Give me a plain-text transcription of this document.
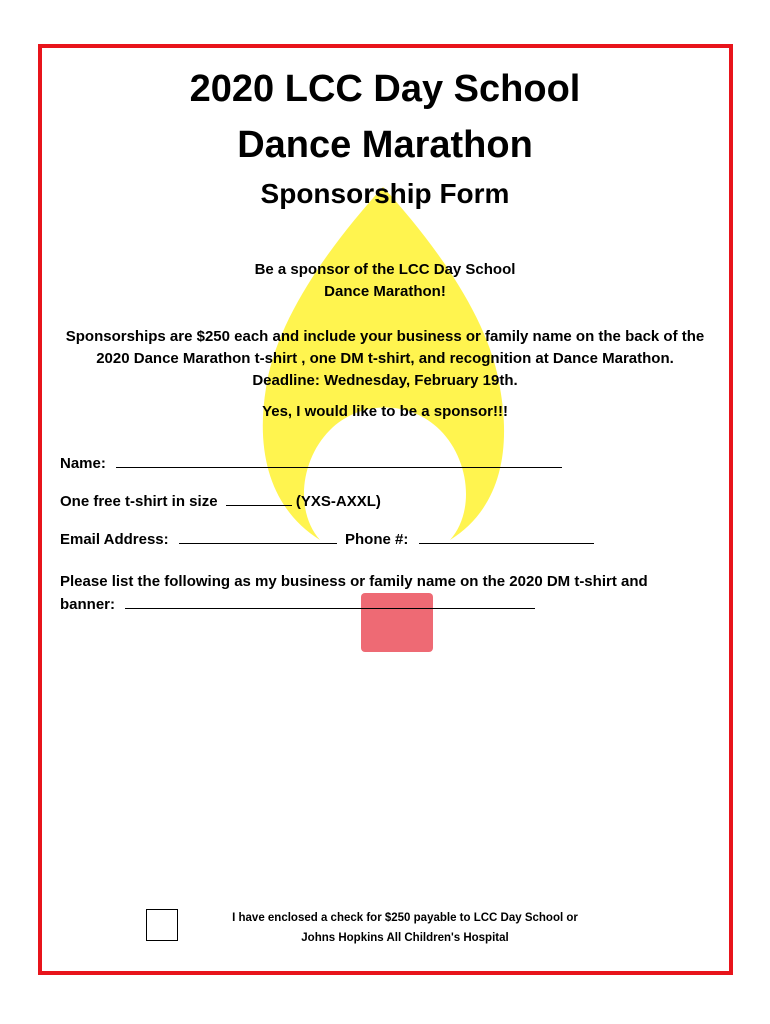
2020 LCC Day School
Dance Marathon
Sponsorship Form

Be a sponsor of the LCC Day School

Dance Marathon!

Sponsorships are $250 each and include your business or family name on the back of the

2020 Dance Marathon t-shirt , one DM t-shirt, and recognition at Dance Marathon.

Deadline: Wednesday, February 19th.

Yes, I would like to be a sponsor!!!

Name:

One free t-shirt in size	(YXS-AXXL)

Email Address:	Phone #:

Please list the following as my business or family name on the 2020 DM t-shirt and

banner:

I have enclosed a check for $250 payable to LCC Day School or

Johns Hopkins All Children's Hospital
